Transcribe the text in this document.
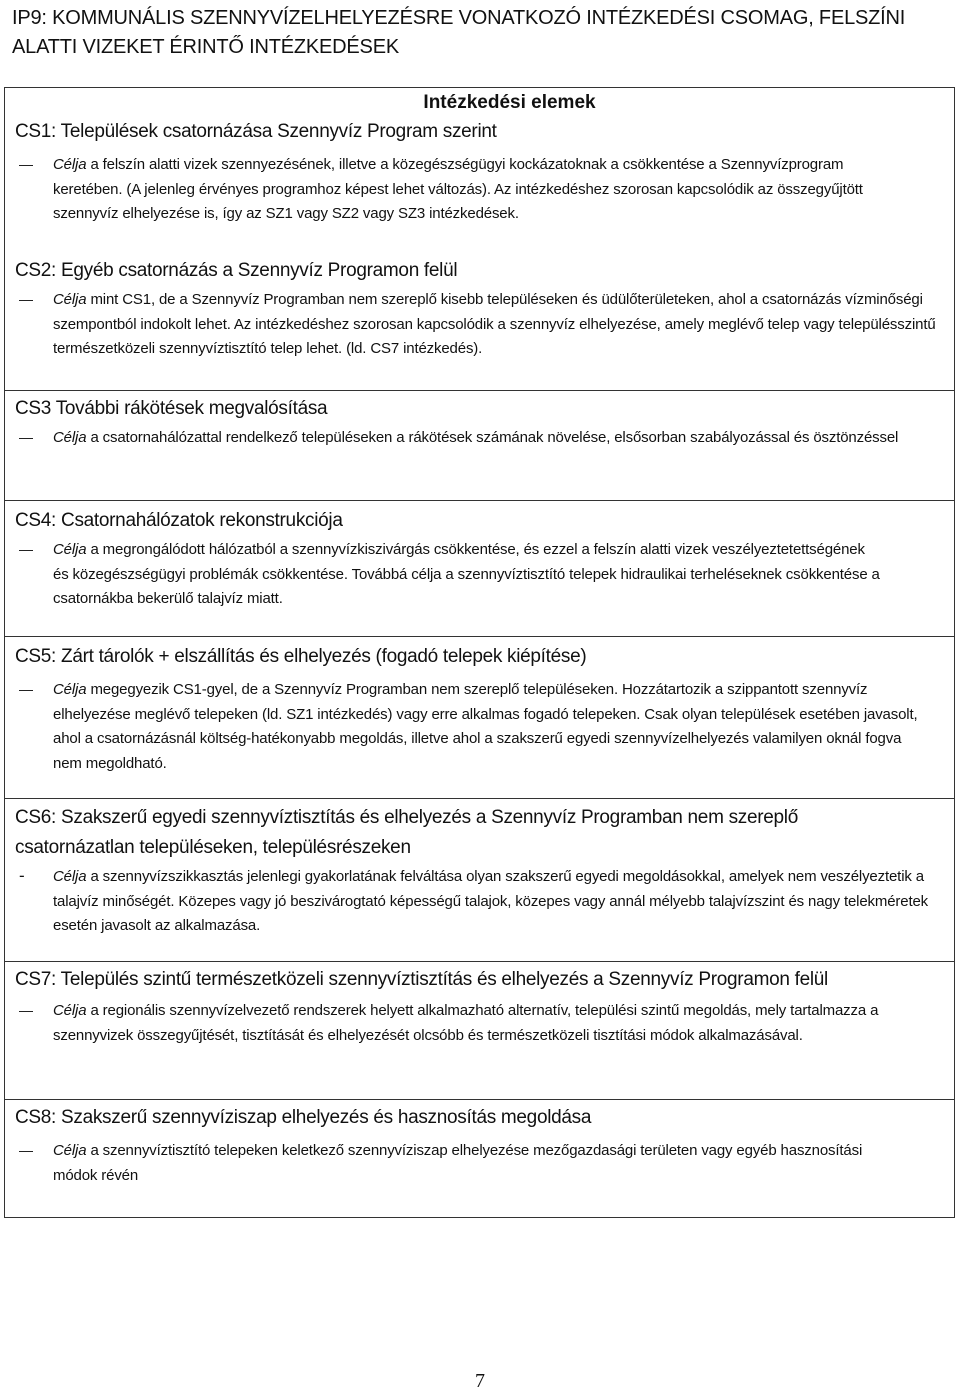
IP9: KOMMUNÁLIS SZENNYVÍZELHELYEZÉSRE VONATKOZÓ INTÉZKEDÉSI CSOMAG, FELSZÍNI ALATTI VIZEKET ÉRINTŐ INTÉZKEDÉSEK
Intézkedési elemek
CS1: Települések csatornázása Szennyvíz Program szerint
Célja a felszín alatti vizek szennyezésének, illetve a közegészségügyi kockázatoknak a csökkentése a Szennyvízprogram keretében. (A jelenleg érvényes programhoz képest lehet változás). Az intézkedéshez szorosan kapcsolódik az összegyűjtött szennyvíz elhelyezése is, így az SZ1 vagy SZ2 vagy SZ3 intézkedések.
CS2: Egyéb csatornázás a Szennyvíz Programon felül
Célja mint CS1, de a Szennyvíz Programban nem szereplő kisebb településeken és üdülőterületeken, ahol a csatornázás vízminőségi szempontból indokolt lehet. Az intézkedéshez szorosan kapcsolódik a szennyvíz elhelyezése, amely meglévő telep vagy településszintű természetközeli szennyvíztisztító telep lehet. (ld. CS7 intézkedés).
CS3 További rákötések megvalósítása
Célja a csatornahálózattal rendelkező településeken a rákötések számának növelése, elsősorban szabályozással és ösztönzéssel
CS4: Csatornahálózatok rekonstrukciója
Célja a megrongálódott hálózatból a szennyvízkiszivárgás csökkentése, és ezzel a felszín alatti vizek veszélyeztetettségének és közegészségügyi problémák csökkentése. Továbbá célja a szennyvíztisztító telepek hidraulikai terheléseknek csökkentése a csatornákba bekerülő talajvíz miatt.
CS5: Zárt tárolók + elszállítás és elhelyezés (fogadó telepek kiépítése)
Célja megegyezik CS1-gyel, de a Szennyvíz Programban nem szereplő településeken. Hozzátartozik a szippantott szennyvíz elhelyezése meglévő telepeken (ld. SZ1 intézkedés) vagy erre alkalmas fogadó telepeken. Csak olyan települések esetében javasolt, ahol a csatornázásnál költség-hatékonyabb megoldás, illetve ahol a szakszerű egyedi szennyvízelhelyezés valamilyen oknál fogva nem megoldható.
CS6: Szakszerű egyedi szennyvíztisztítás és elhelyezés a Szennyvíz Programban nem szereplő csatornázatlan településeken, településrészeken
-	Célja a szennyvízszikkasztás jelenlegi gyakorlatának felváltása olyan szakszerű egyedi megoldásokkal, amelyek nem veszélyeztetik a talajvíz minőségét. Közepes vagy jó beszivárogtató képességű talajok, közepes vagy annál mélyebb talajvízszint és nagy telekméretek esetén javasolt az alkalmazása.
CS7: Település szintű természetközeli szennyvíztisztítás és elhelyezés a Szennyvíz Programon felül
Célja a regionális szennyvízelvezető rendszerek helyett alkalmazható alternatív, települési szintű megoldás, mely tartalmazza a szennyvizek összegyűjtését, tisztítását és elhelyezését olcsóbb és természetközeli tisztítási módok alkalmazásával.
CS8: Szakszerű szennyvíziszap elhelyezés és hasznosítás megoldása
Célja a szennyvíztisztító telepeken keletkező szennyvíziszap elhelyezése mezőgazdasági területen vagy egyéb hasznosítási módok révén
7
